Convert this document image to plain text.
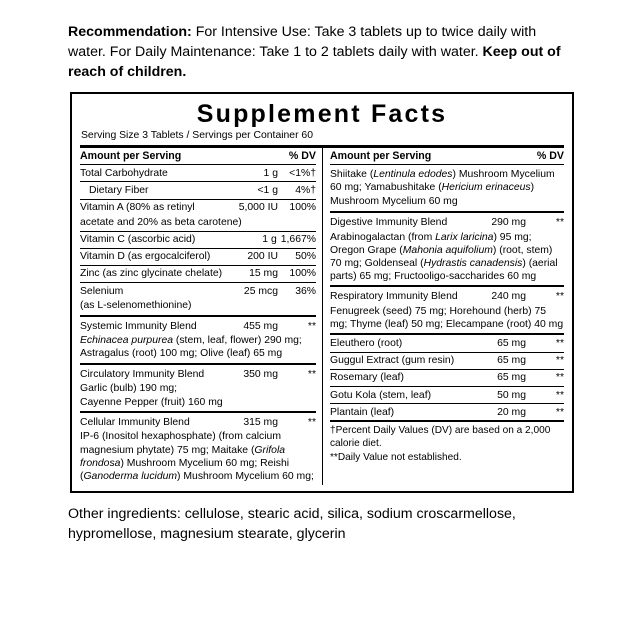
Recommendation: For Intensive Use: Take 3 tablets up to twice daily with water. For Daily Maintenance: Take 1 to 2 tablets daily with water. Keep out of reach of children.
Supplement Facts
Serving Size 3 Tablets / Servings per Container 60
Amount per Serving	% DV
Total Carbohydrate	1 g	<1%†
Dietary Fiber	<1 g	4%†
Vitamin A (80% as retinyl	5,000 IU	100%
acetate and 20% as beta carotene)
Vitamin C (ascorbic acid)	1 g 1,667%
Vitamin D (as ergocalciferol)	200 IU	50%
Zinc (as zinc glycinate chelate)	15 mg	100%
Selenium	25 mcg	36%
(as L-selenomethionine)
Systemic Immunity Blend	455 mg	**
Echinacea purpurea (stem, leaf, flower) 290 mg; Astragalus (root) 100 mg; Olive (leaf) 65 mg
Circulatory Immunity Blend	350 mg	**
Garlic (bulb) 190 mg;
Cayenne Pepper (fruit) 160 mg
Cellular Immunity Blend	315 mg	**
IP-6 (Inositol hexaphosphate) (from calcium magnesium phytate) 75 mg; Maitake (Grifola frondosa) Mushroom Mycelium 60 mg; Reishi (Ganoderma lucidum) Mushroom Mycelium 60 mg;
Amount per Serving	% DV
Shiitake (Lentinula edodes) Mushroom Mycelium 60 mg; Yamabushitake (Hericium erinaceus) Mushroom Mycelium 60 mg
Digestive Immunity Blend	290 mg	**
Arabinogalactan (from Larix laricina) 95 mg; Oregon Grape (Mahonia aquifolium) (root, stem) 70 mg; Goldenseal (Hydrastis canadensis) (aerial parts) 65 mg; Fructooligo-saccharides 60 mg
Respiratory Immunity Blend	240 mg	**
Fenugreek (seed) 75 mg; Horehound (herb) 75 mg; Thyme (leaf) 50 mg; Elecampane (root) 40 mg
Eleuthero (root)	65 mg	**
Guggul Extract (gum resin)	65 mg	**
Rosemary (leaf)	65 mg	**
Gotu Kola (stem, leaf)	50 mg	**
Plantain (leaf)	20 mg	**
†Percent Daily Values (DV) are based on a 2,000 calorie diet.
**Daily Value not established.
Other ingredients: cellulose, stearic acid, silica, sodium croscarmellose, hypromellose, magnesium stearate, glycerin
